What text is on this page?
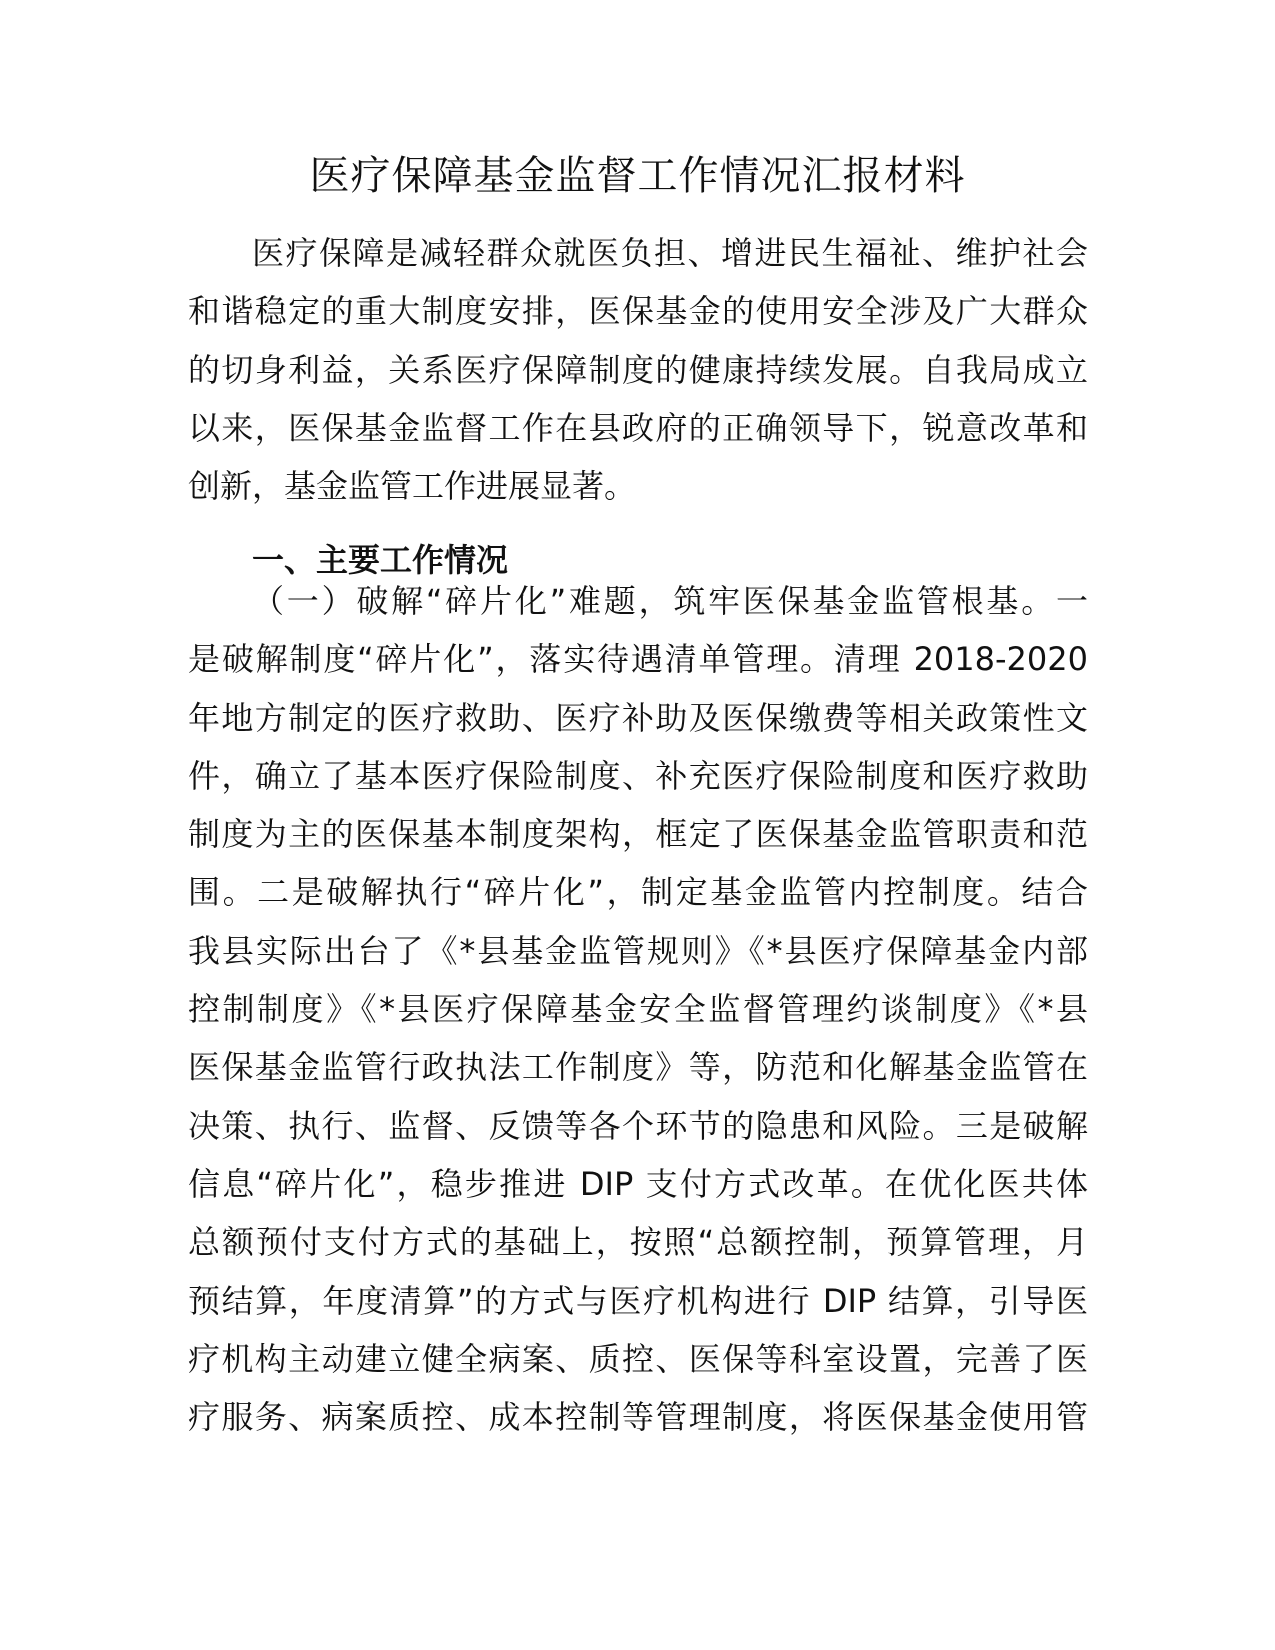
医疗保障基金监督工作情况汇报材料
医疗保障是减轻群众就医负担、增进民生福祉、维护社会
和谐稳定的重大制度安排，医保基金的使用安全涉及广大群众
的切身利益，关系医疗保障制度的健康持续发展。自我局成立
以来，医保基金监督工作在县政府的正确领导下，锐意改革和
创新，基金监管工作进展显著。
一、主要工作情况
（一）破解“碎片化”难题，筑牢医保基金监管根基。一
是破解制度“碎片化”，落实待遇清单管理。清理 2018-2020
年地方制定的医疗救助、医疗补助及医保缴费等相关政策性文
件，确立了基本医疗保险制度、补充医疗保险制度和医疗救助
制度为主的医保基本制度架构，框定了医保基金监管职责和范
围。二是破解执行“碎片化”，制定基金监管内控制度。结合
我县实际出台了《*县基金监管规则》《*县医疗保障基金内部
控制制度》《*县医疗保障基金安全监督管理约谈制度》《*县
医保基金监管行政执法工作制度》等，防范和化解基金监管在
决策、执行、监督、反馈等各个环节的隐患和风险。三是破解
信息“碎片化”，稳步推进 DIP 支付方式改革。在优化医共体
总额预付支付方式的基础上，按照“总额控制，预算管理，月
预结算，年度清算”的方式与医疗机构进行 DIP 结算，引导医
疗机构主动建立健全病案、质控、医保等科室设置，完善了医
疗服务、病案质控、成本控制等管理制度，将医保基金使用管
